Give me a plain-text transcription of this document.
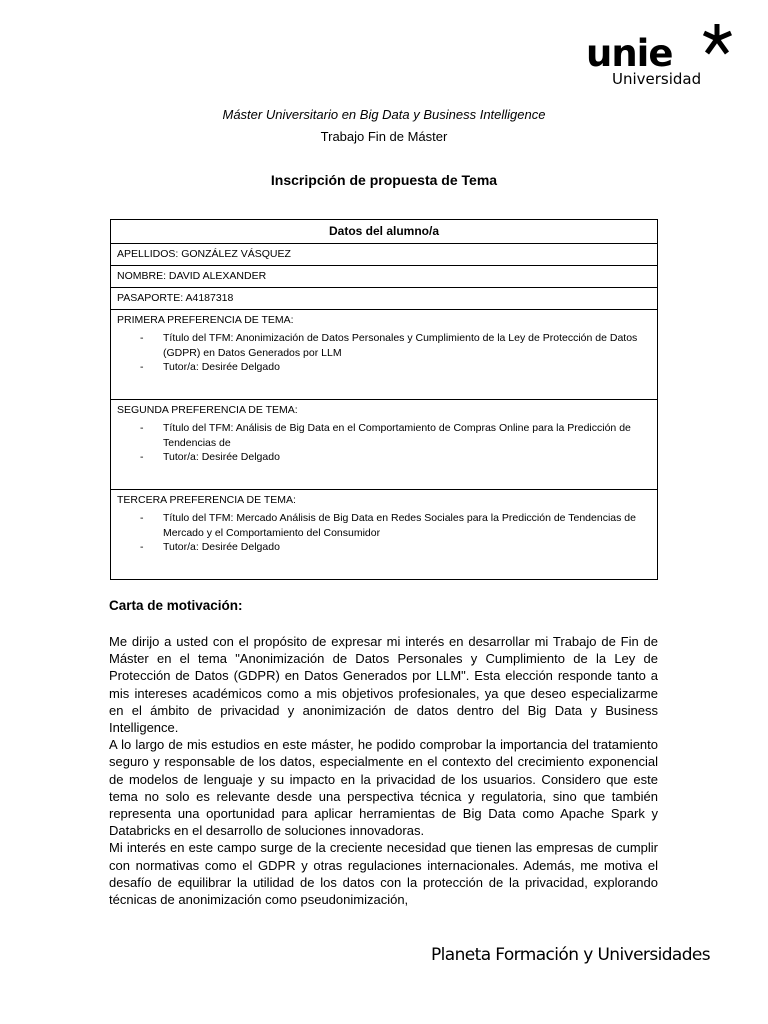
unie
Universidad
Máster Universitario en Big Data y Business Intelligence
Trabajo Fin de Máster
Inscripción de propuesta de Tema
Datos del alumno/a
APELLIDOS: GONZÁLEZ VÁSQUEZ
NOMBRE: DAVID ALEXANDER
PASAPORTE: A4187318

PRIMERA PREFERENCIA DE TEMA:
- Título del TFM: Anonimización de Datos Personales y Cumplimiento de la Ley de Protección de Datos (GDPR) en Datos Generados por LLM
- Tutor/a: Desirée Delgado

SEGUNDA PREFERENCIA DE TEMA:
- Título del TFM: Análisis de Big Data en el Comportamiento de Compras Online para la Predicción de Tendencias de
- Tutor/a: Desirée Delgado

TERCERA PREFERENCIA DE TEMA:
- Título del TFM: Mercado Análisis de Big Data en Redes Sociales para la Predicción de Tendencias de Mercado y el Comportamiento del Consumidor
- Tutor/a: Desirée Delgado
Carta de motivación:

Me dirijo a usted con el propósito de expresar mi interés en desarrollar mi Trabajo de Fin de Máster en el tema "Anonimización de Datos Personales y Cumplimiento de la Ley de Protección de Datos (GDPR) en Datos Generados por LLM". Esta elección responde tanto a mis intereses académicos como a mis objetivos profesionales, ya que deseo especializarme en el ámbito de privacidad y anonimización de datos dentro del Big Data y Business Intelligence.

A lo largo de mis estudios en este máster, he podido comprobar la importancia del tratamiento seguro y responsable de los datos, especialmente en el contexto del crecimiento exponencial de modelos de lenguaje y su impacto en la privacidad de los usuarios. Considero que este tema no solo es relevante desde una perspectiva técnica y regulatoria, sino que también representa una oportunidad para aplicar herramientas de Big Data como Apache Spark y Databricks en el desarrollo de soluciones innovadoras.

Mi interés en este campo surge de la creciente necesidad que tienen las empresas de cumplir con normativas como el GDPR y otras regulaciones internacionales. Además, me motiva el desafío de equilibrar la utilidad de los datos con la protección de la privacidad, explorando técnicas de anonimización como pseudonimización,

Planeta Formación y Universidades
